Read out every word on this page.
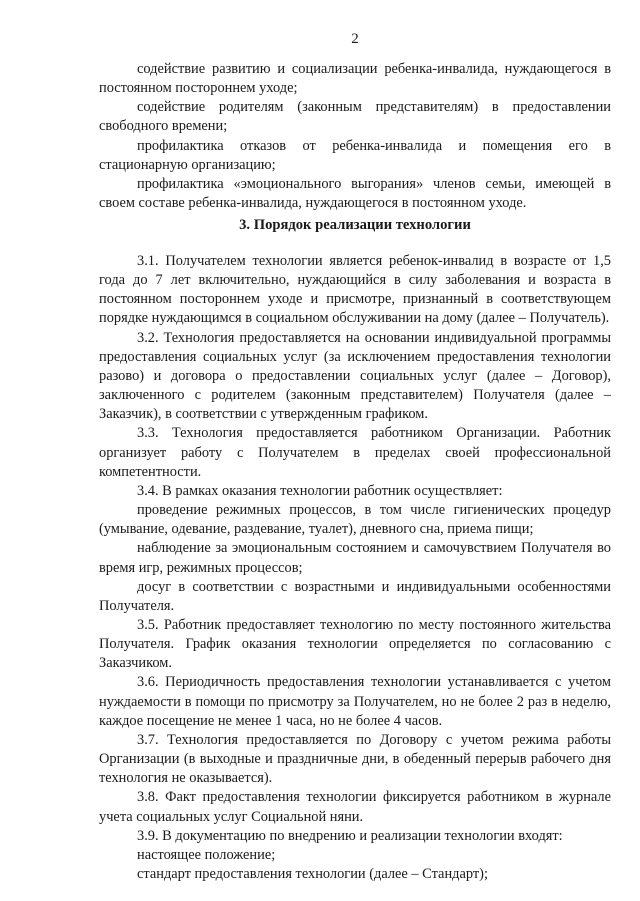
2

содействие развитию и социализации ребенка-инвалида, нуждающегося в постоянном постороннем уходе;

содействие родителям (законным представителям) в предоставлении свободного времени;

профилактика отказов от ребенка-инвалида и помещения его в стационарную организацию;

профилактика «эмоционального выгорания» членов семьи, имеющей в своем составе ребенка-инвалида, нуждающегося в постоянном уходе.

3. Порядок реализации технологии

3.1. Получателем технологии является ребенок-инвалид в возрасте от 1,5 года до 7 лет включительно, нуждающийся в силу заболевания и возраста в постоянном постороннем уходе и присмотре, признанный в соответствующем порядке нуждающимся в социальном обслуживании на дому (далее – Получатель).

3.2. Технология предоставляется на основании индивидуальной программы предоставления социальных услуг (за исключением предоставления технологии разово) и договора о предоставлении социальных услуг (далее – Договор), заключенного с родителем (законным представителем) Получателя (далее – Заказчик), в соответствии с утвержденным графиком.

3.3. Технология предоставляется работником Организации. Работник организует работу с Получателем в пределах своей профессиональной компетентности.

3.4. В рамках оказания технологии работник осуществляет:

проведение режимных процессов, в том числе гигиенических процедур (умывание, одевание, раздевание, туалет), дневного сна, приема пищи;

наблюдение за эмоциональным состоянием и самочувствием Получателя во время игр, режимных процессов;

досуг в соответствии с возрастными и индивидуальными особенностями Получателя.

3.5. Работник предоставляет технологию по месту постоянного жительства Получателя. График оказания технологии определяется по согласованию с Заказчиком.

3.6. Периодичность предоставления технологии устанавливается с учетом нуждаемости в помощи по присмотру за Получателем, но не более 2 раз в неделю, каждое посещение не менее 1 часа, но не более 4 часов.

3.7. Технология предоставляется по Договору с учетом режима работы Организации (в выходные и праздничные дни, в обеденный перерыв рабочего дня технология не оказывается).

3.8. Факт предоставления технологии фиксируется работником в журнале учета социальных услуг Социальной няни.

3.9. В документацию по внедрению и реализации технологии входят:

настоящее положение;

стандарт предоставления технологии (далее – Стандарт);
